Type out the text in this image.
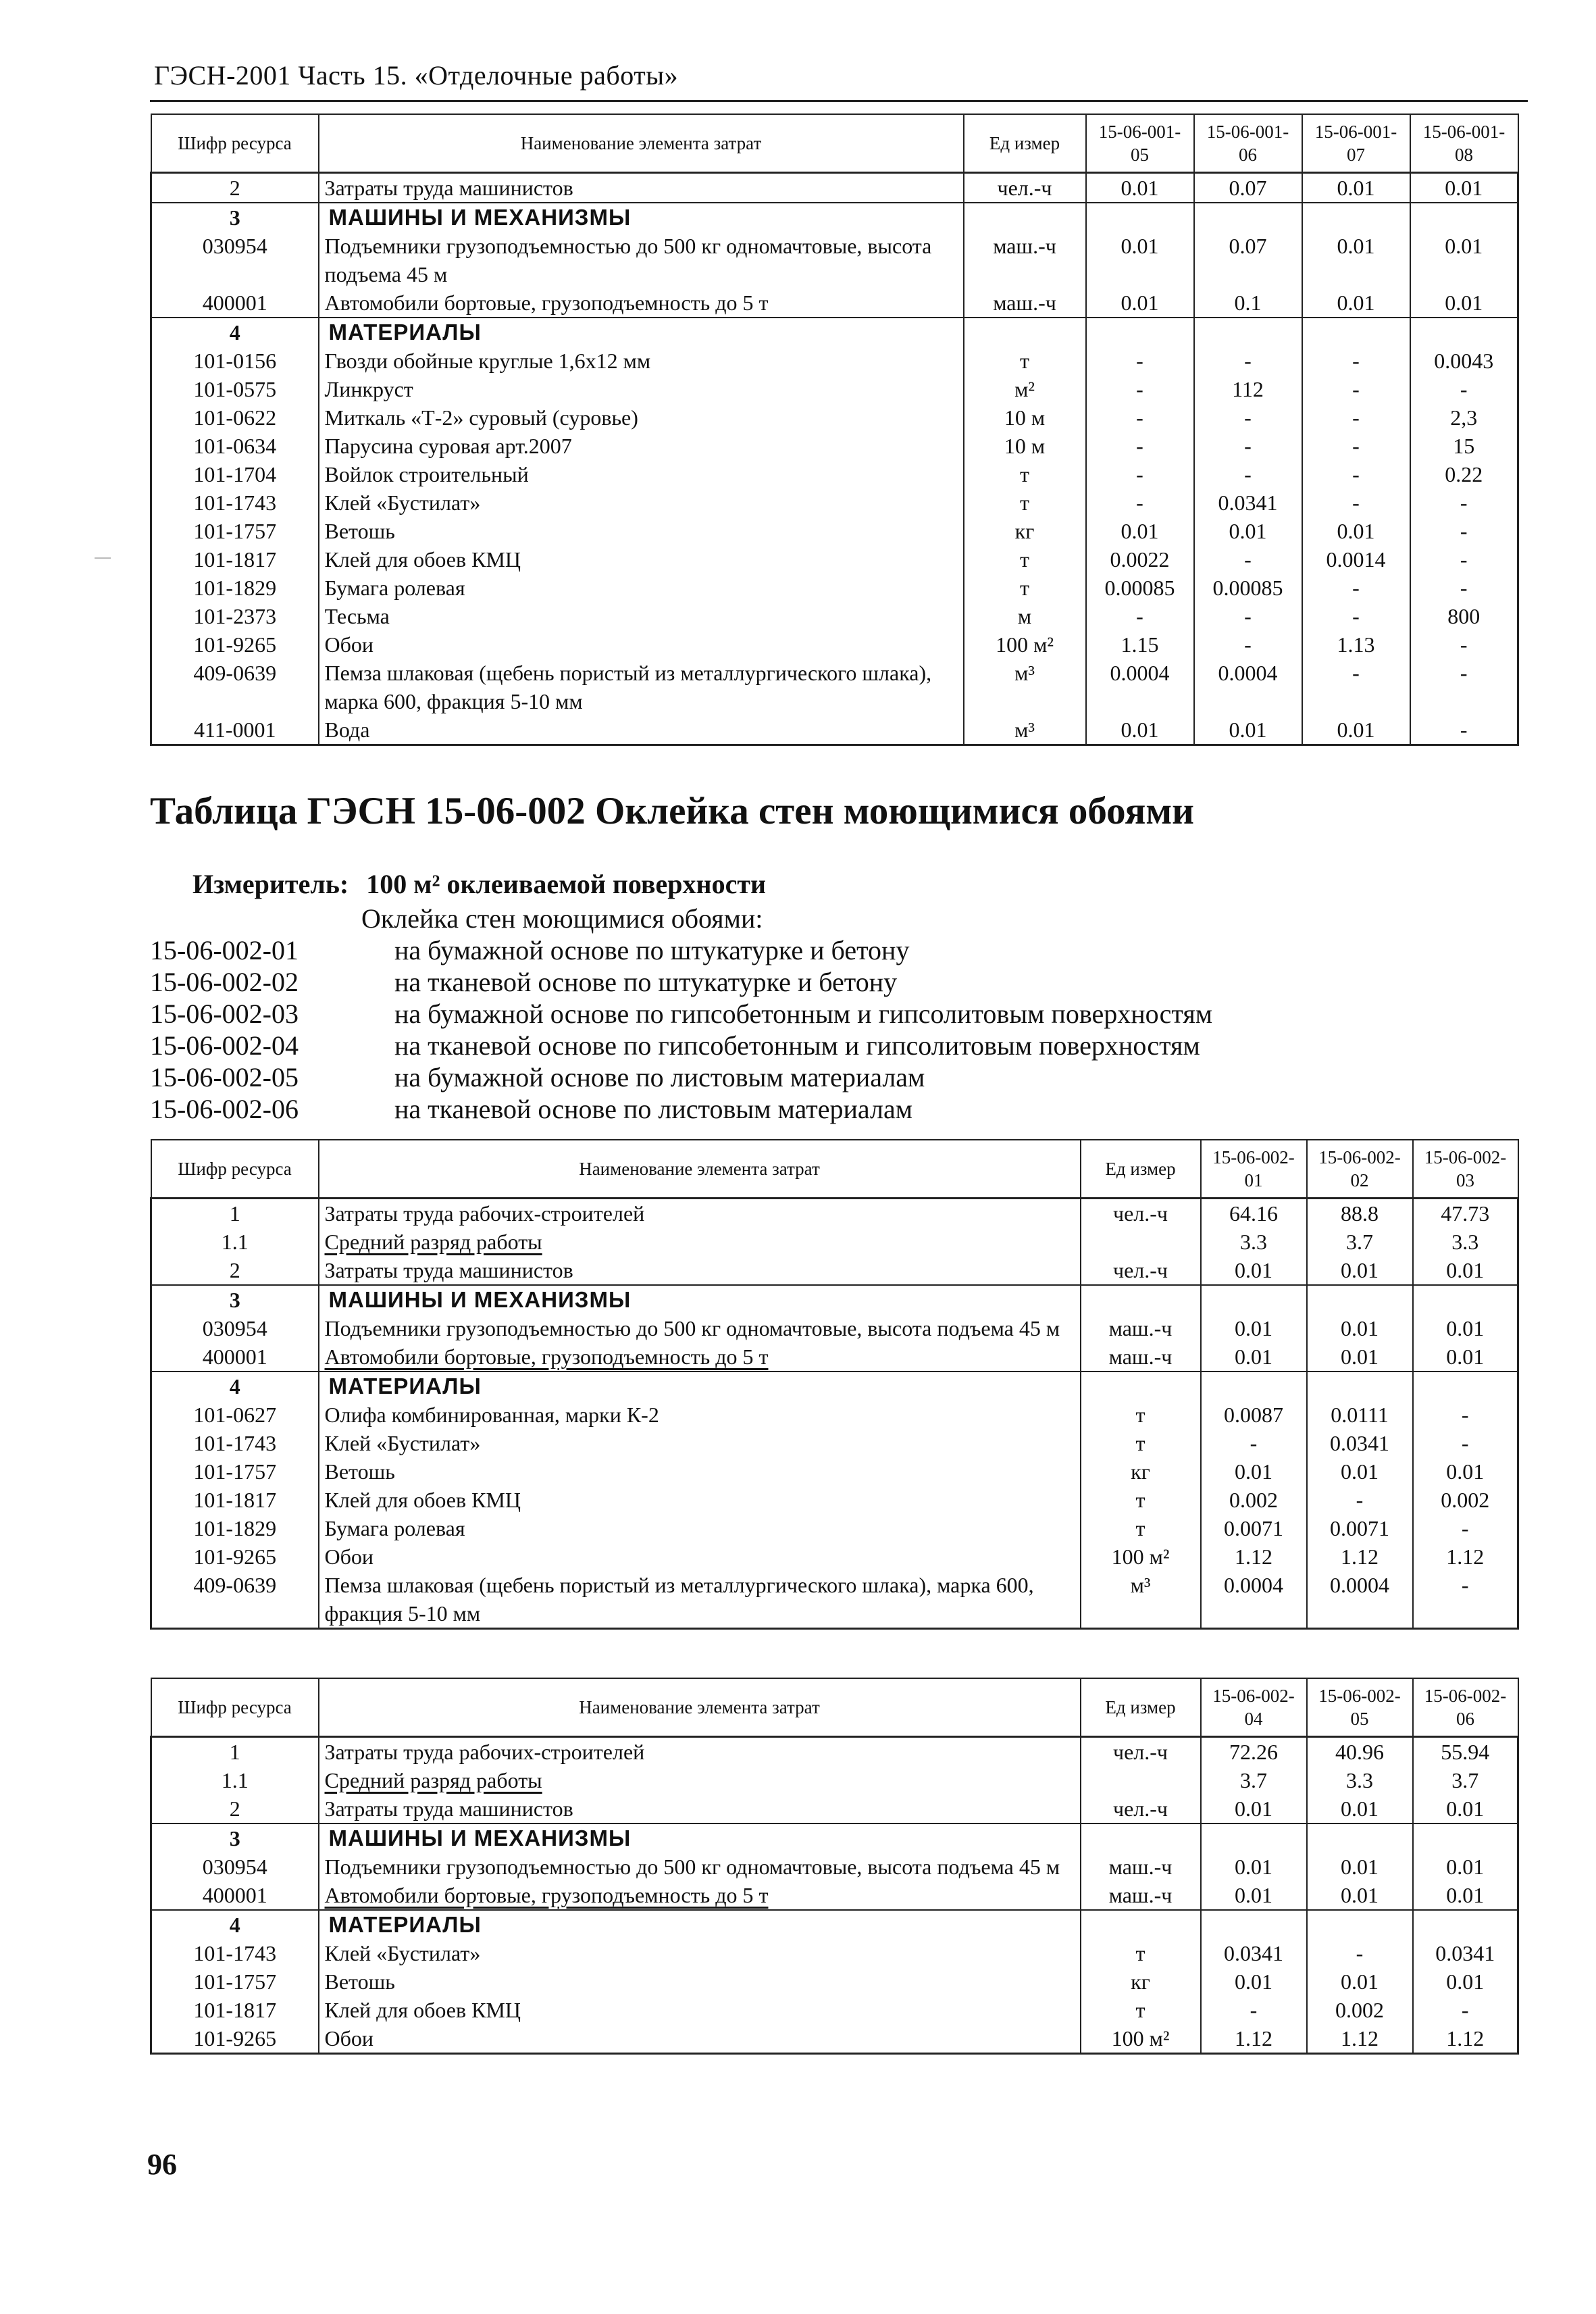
ГЭСН-2001 Часть 15. «Отделочные работы»
Шифр ресурса	Наименование элемента затрат	Ед измер	15-06-001-05	15-06-001-06	15-06-001-07	15-06-001-08
2	Затраты труда машинистов	чел.-ч	0.01	0.07	0.01	0.01
3	МАШИНЫ И МЕХАНИЗМЫ					
030954	Подъемники грузоподъемностью до 500 кг одномачтовые, высота подъема 45 м	маш.-ч	0.01	0.07	0.01	0.01
400001	Автомобили бортовые, грузоподъемность до 5 т	маш.-ч	0.01	0.1	0.01	0.01
4	МАТЕРИАЛЫ					
101-0156	Гвозди обойные круглые 1,6x12 мм	т	-	-	-	0.0043
101-0575	Линкруст	м²	-	112	-	-
101-0622	Миткаль «Т-2» суровый (суровье)	10 м	-	-	-	2,3
101-0634	Парусина суровая арт.2007	10 м	-	-	-	15
101-1704	Войлок строительный	т	-	-	-	0.22
101-1743	Клей «Бустилат»	т	-	0.0341	-	-
101-1757	Ветошь	кг	0.01	0.01	0.01	-
101-1817	Клей для обоев КМЦ	т	0.0022	-	0.0014	-
101-1829	Бумага ролевая	т	0.00085	0.00085	-	-
101-2373	Тесьма	м	-	-	-	800
101-9265	Обои	100 м²	1.15	-	1.13	-
409-0639	Пемза шлаковая (щебень пористый из металлургического шлака), марка 600, фракция 5-10 мм	м³	0.0004	0.0004	-	-
411-0001	Вода	м³	0.01	0.01	0.01	-
Таблица ГЭСН 15-06-002 Оклейка стен моющимися обоями
Измеритель: 100 м² оклеиваемой поверхности
Оклейка стен моющимися обоями:
15-06-002-01	на бумажной основе по штукатурке и бетону
15-06-002-02	на тканевой основе по штукатурке и бетону
15-06-002-03	на бумажной основе по гипсобетонным и гипсолитовым поверхностям
15-06-002-04	на тканевой основе по гипсобетонным и гипсолитовым поверхностям
15-06-002-05	на бумажной основе по листовым материалам
15-06-002-06	на тканевой основе по листовым материалам
Шифр ресурса	Наименование элемента затрат	Ед измер	15-06-002-01	15-06-002-02	15-06-002-03
1	Затраты труда рабочих-строителей	чел.-ч	64.16	88.8	47.73
1.1	Средний разряд работы		3.3	3.7	3.3
2	Затраты труда машинистов	чел.-ч	0.01	0.01	0.01
3	МАШИНЫ И МЕХАНИЗМЫ				
030954	Подъемники грузоподъемностью до 500 кг одномачтовые, высота подъема 45 м	маш.-ч	0.01	0.01	0.01
400001	Автомобили бортовые, грузоподъемность до 5 т	маш.-ч	0.01	0.01	0.01
4	МАТЕРИАЛЫ				
101-0627	Олифа комбинированная, марки К-2	т	0.0087	0.0111	-
101-1743	Клей «Бустилат»	т	-	0.0341	-
101-1757	Ветошь	кг	0.01	0.01	0.01
101-1817	Клей для обоев КМЦ	т	0.002	-	0.002
101-1829	Бумага ролевая	т	0.0071	0.0071	-
101-9265	Обои	100 м²	1.12	1.12	1.12
409-0639	Пемза шлаковая (щебень пористый из металлургического шлака), марка 600, фракция 5-10 мм	м³	0.0004	0.0004	-
Шифр ресурса	Наименование элемента затрат	Ед измер	15-06-002-04	15-06-002-05	15-06-002-06
1	Затраты труда рабочих-строителей	чел.-ч	72.26	40.96	55.94
1.1	Средний разряд работы		3.7	3.3	3.7
2	Затраты труда машинистов	чел.-ч	0.01	0.01	0.01
3	МАШИНЫ И МЕХАНИЗМЫ				
030954	Подъемники грузоподъемностью до 500 кг одномачтовые, высота подъема 45 м	маш.-ч	0.01	0.01	0.01
400001	Автомобили бортовые, грузоподъемность до 5 т	маш.-ч	0.01	0.01	0.01
4	МАТЕРИАЛЫ				
101-1743	Клей «Бустилат»	т	0.0341	-	0.0341
101-1757	Ветошь	кг	0.01	0.01	0.01
101-1817	Клей для обоев КМЦ	т	-	0.002	-
101-9265	Обои	100 м²	1.12	1.12	1.12
96
